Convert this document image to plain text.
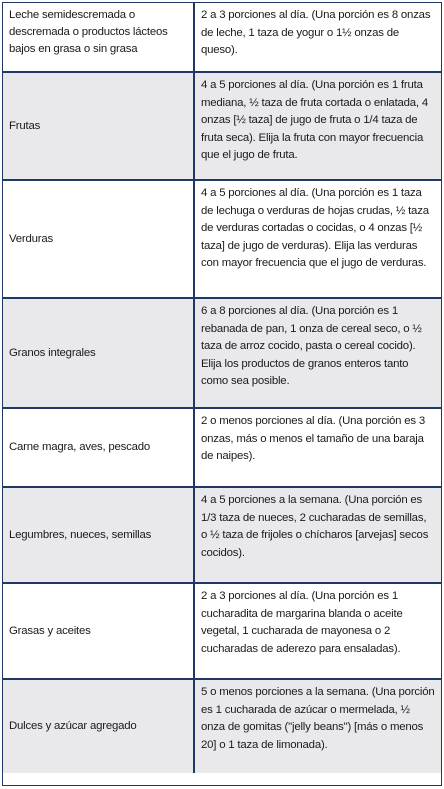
Leche semidescremada o descremada o productos lácteos bajos en grasa o sin grasa
2 a 3 porciones al día. (Una porción es 8 onzas de leche, 1 taza de yogur o 1½ onzas de queso).
Frutas
4 a 5 porciones al día. (Una porción es 1 fruta mediana, ½ taza de fruta cortada o enlatada, 4 onzas [½ taza] de jugo de fruta o 1/4 taza de fruta seca). Elija la fruta con mayor frecuencia que el jugo de fruta.
Verduras
4 a 5 porciones al día. (Una porción es 1 taza de lechuga o verduras de hojas crudas, ½ taza de verduras cortadas o cocidas, o 4 onzas [½ taza] de jugo de verduras). Elija las verduras con mayor frecuencia que el jugo de verduras.
Granos integrales
6 a 8 porciones al día. (Una porción es 1 rebanada de pan, 1 onza de cereal seco, o ½ taza de arroz cocido, pasta o cereal cocido). Elija los productos de granos enteros tanto como sea posible.
Carne magra, aves, pescado
2 o menos porciones al día. (Una porción es 3 onzas, más o menos el tamaño de una baraja de naipes).
Legumbres, nueces, semillas
4 a 5 porciones a la semana. (Una porción es 1/3 taza de nueces, 2 cucharadas de semillas, o ½ taza de frijoles o chícharos [arvejas] secos cocidos).
Grasas y aceites
2 a 3 porciones al día. (Una porción es 1 cucharadita de margarina blanda o aceite vegetal, 1 cucharada de mayonesa o 2 cucharadas de aderezo para ensaladas).
Dulces y azúcar agregado
5 o menos porciones a la semana. (Una porción es 1 cucharada de azúcar o mermelada, ½ onza de gomitas ("jelly beans") [más o menos 20] o 1 taza de limonada).
